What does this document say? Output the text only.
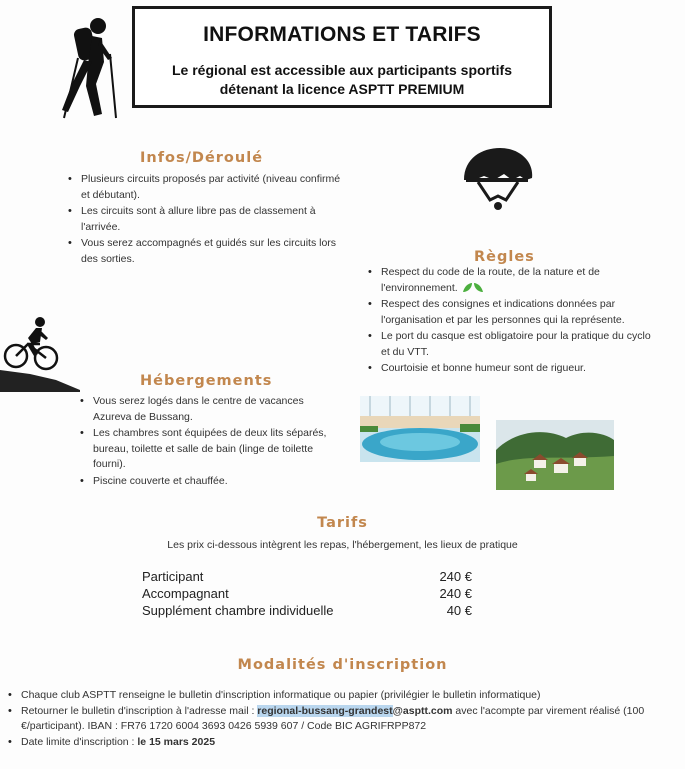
INFORMATIONS ET TARIFS
Le régional est accessible aux participants sportifs
détenant la licence ASPTT PREMIUM
Infos/Déroulé
• Plusieurs circuits proposés par activité (niveau confirmé et débutant).
• Les circuits sont à allure libre pas de classement à l'arrivée.
• Vous serez accompagnés et guidés sur les circuits lors des sorties.	Règles
• Respect du code de la route, de la nature et de l'environnement.
• Respect des consignes et indications données par l'organisation et par les personnes qui la représente.
• Le port du casque est obligatoire pour la pratique du cyclo et du VTT.
• Courtoisie et bonne humeur sont de rigueur.
Hébergements
• Vous serez logés dans le centre de vacances Azureva de Bussang.
• Les chambres sont équipées de deux lits séparés, bureau, toilette et salle de bain (linge de toilette fourni).
• Piscine couverte et chauffée.
Tarifs
Les prix ci-dessous intègrent les repas, l'hébergement, les lieux de pratique
Participant	240 €
Accompagnant	240 €
Supplément chambre individuelle	40 €
Modalités d'inscription
• Chaque club ASPTT renseigne le bulletin d'inscription informatique ou papier (privilégier le bulletin informatique)
• Retourner le bulletin d'inscription à l'adresse mail : regional-bussang-grandest@asptt.com avec l'acompte par virement réalisé (100 €/participant). IBAN : FR76 1720 6004 3693 0426 5939 607 / Code BIC AGRIFRPP872
• Date limite d'inscription : le 15 mars 2025
